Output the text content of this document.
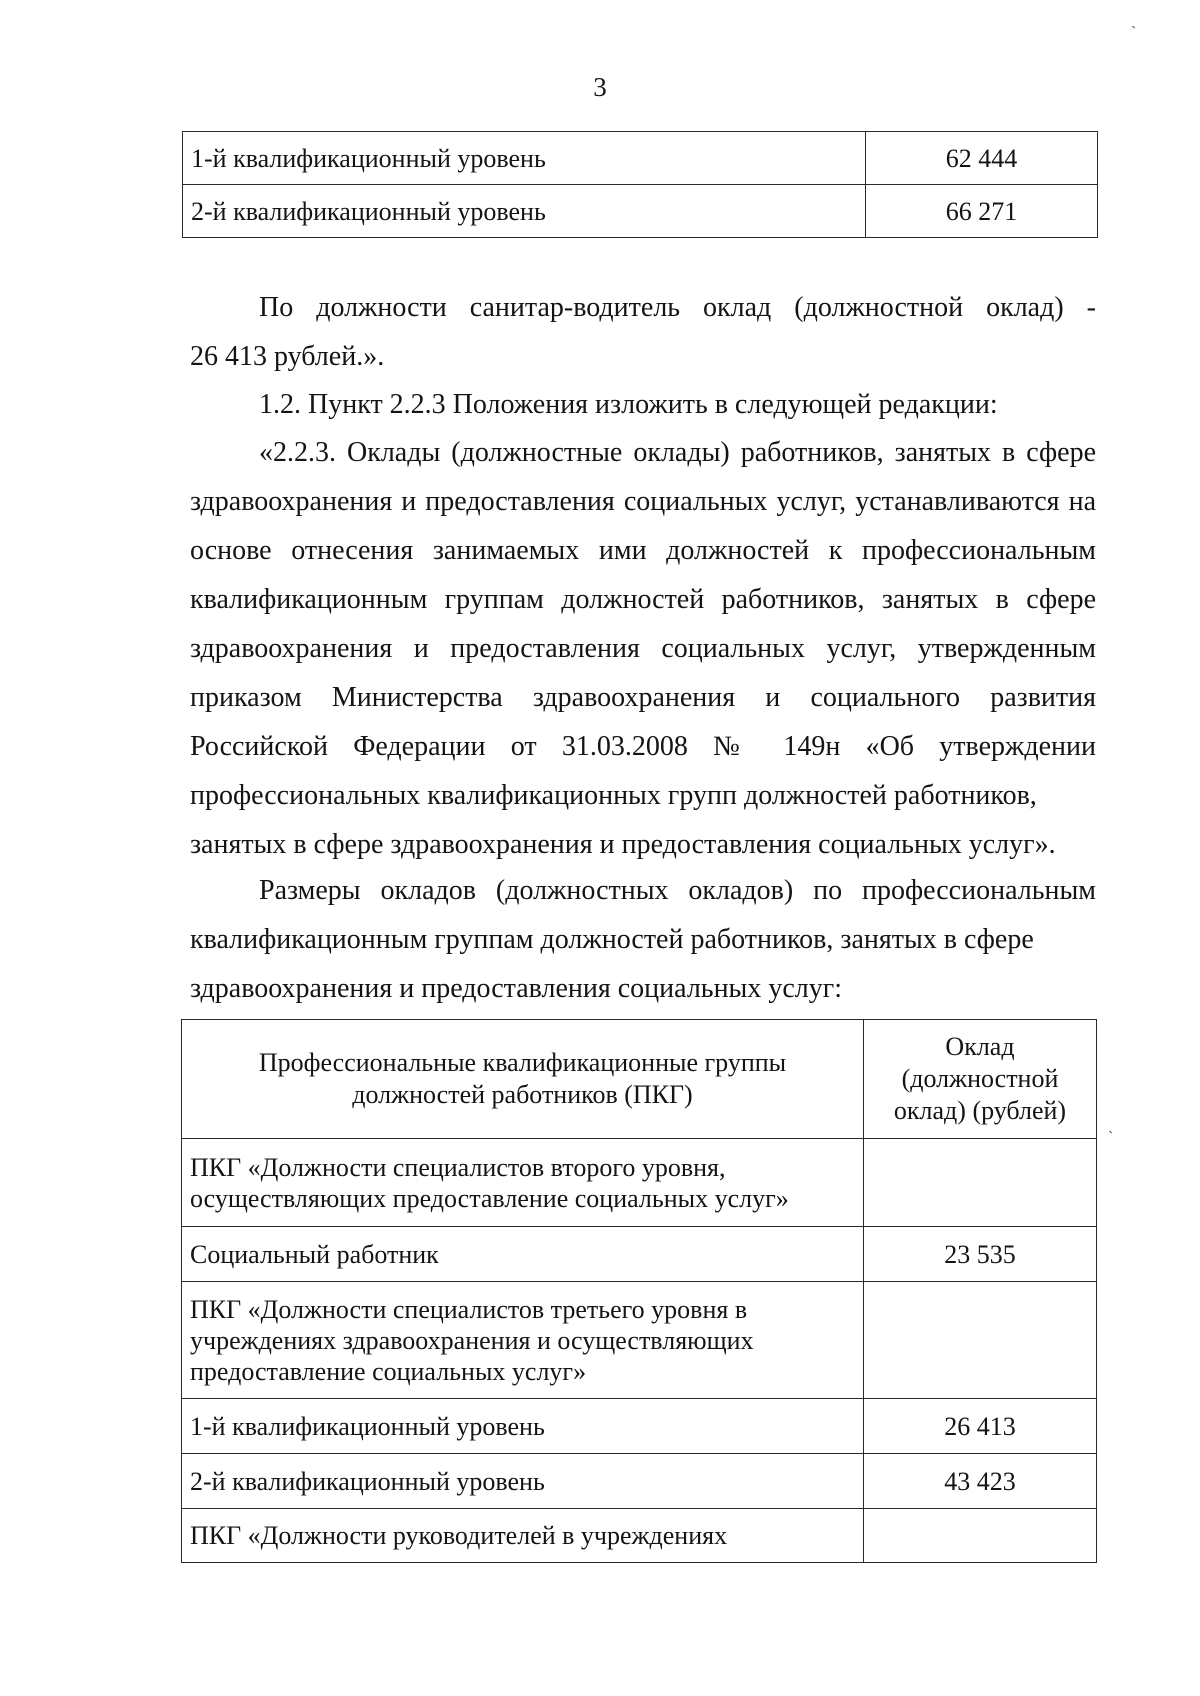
ˏ
3
1-й квалификационный уровень	62 444
2-й квалификационный уровень	66 271

По должности санитар-водитель оклад (должностной оклад) -

26 413 рублей.».

1.2. Пункт 2.2.3 Положения изложить в следующей редакции:

«2.2.3. Оклады (должностные оклады) работников, занятых в сфере здравоохранения и предоставления социальных услуг, устанавливаются на основе отнесения занимаемых ими должностей к профессиональным квалификационным группам должностей работников, занятых в сфере здравоохранения и предоставления социальных услуг, утвержденным приказом Министерства здравоохранения и социального развития Российской Федерации от 31.03.2008 № 149н «Об утверждении профессиональных квалификационных групп должностей работников,

занятых в сфере здравоохранения и предоставления социальных услуг».

Размеры окладов (должностных окладов) по профессиональным квалификационным группам должностей работников, занятых в сфере

здравоохранения и предоставления социальных услуг:

Профессиональные квалификационные группы должностей работников (ПКГ)	Оклад (должностной оклад) (рублей)
ПКГ «Должности специалистов второго уровня, осуществляющих предоставление социальных услуг»	
Социальный работник	23 535
ПКГ «Должности специалистов третьего уровня в учреждениях здравоохранения и осуществляющих предоставление социальных услуг»	
1-й квалификационный уровень	26 413
2-й квалификационный уровень	43 423
ПКГ «Должности руководителей в учреждениях	
ˎ
